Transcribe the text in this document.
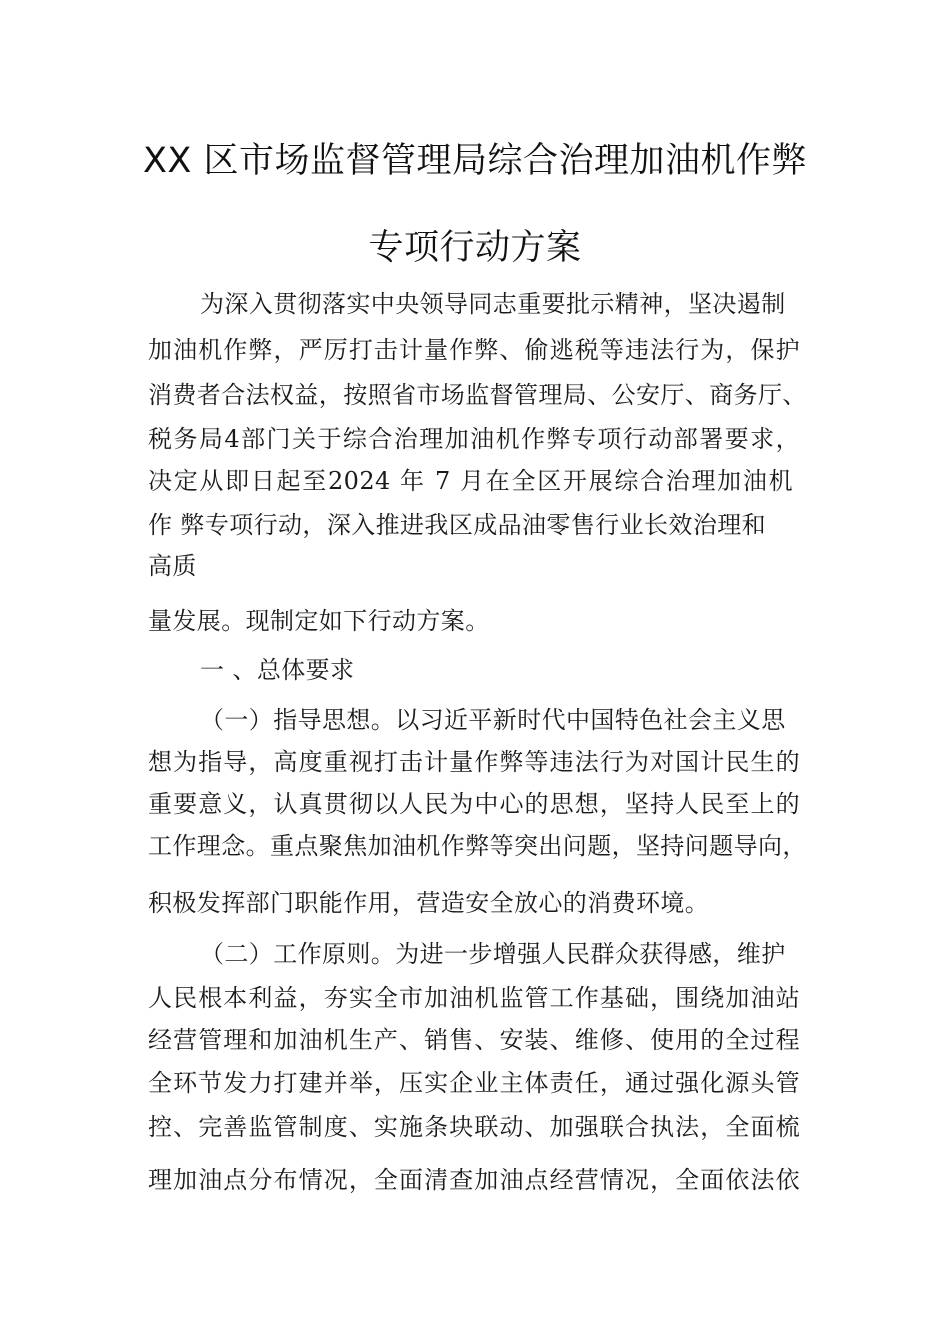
XX 区市场监督管理局综合治理加油机作弊
专项行动方案
为深入贯彻落实中央领导同志重要批示精神，坚决遏制
加油机作弊，严厉打击计量作弊、偷逃税等违法行为，保护
消费者合法权益，按照省市场监督管理局、公安厅、商务厅、
税务局4部门关于综合治理加油机作弊专项行动部署要求，
决定从即日起至2024 年 7 月在全区开展综合治理加油机
作 弊专项行动，深入推进我区成品油零售行业长效治理和
高质
量发展。现制定如下行动方案。
一 、总体要求
（一）指导思想。以习近平新时代中国特色社会主义思
想为指导，高度重视打击计量作弊等违法行为对国计民生的
重要意义，认真贯彻以人民为中心的思想，坚持人民至上的
工作理念。重点聚焦加油机作弊等突出问题，坚持问题导向，
积极发挥部门职能作用，营造安全放心的消费环境。
（二）工作原则。为进一步增强人民群众获得感，维护
人民根本利益，夯实全市加油机监管工作基础，围绕加油站
经营管理和加油机生产、销售、安装、维修、使用的全过程
全环节发力打建并举，压实企业主体责任，通过强化源头管
控、完善监管制度、实施条块联动、加强联合执法，全面梳
理加油点分布情况，全面清查加油点经营情况，全面依法依
